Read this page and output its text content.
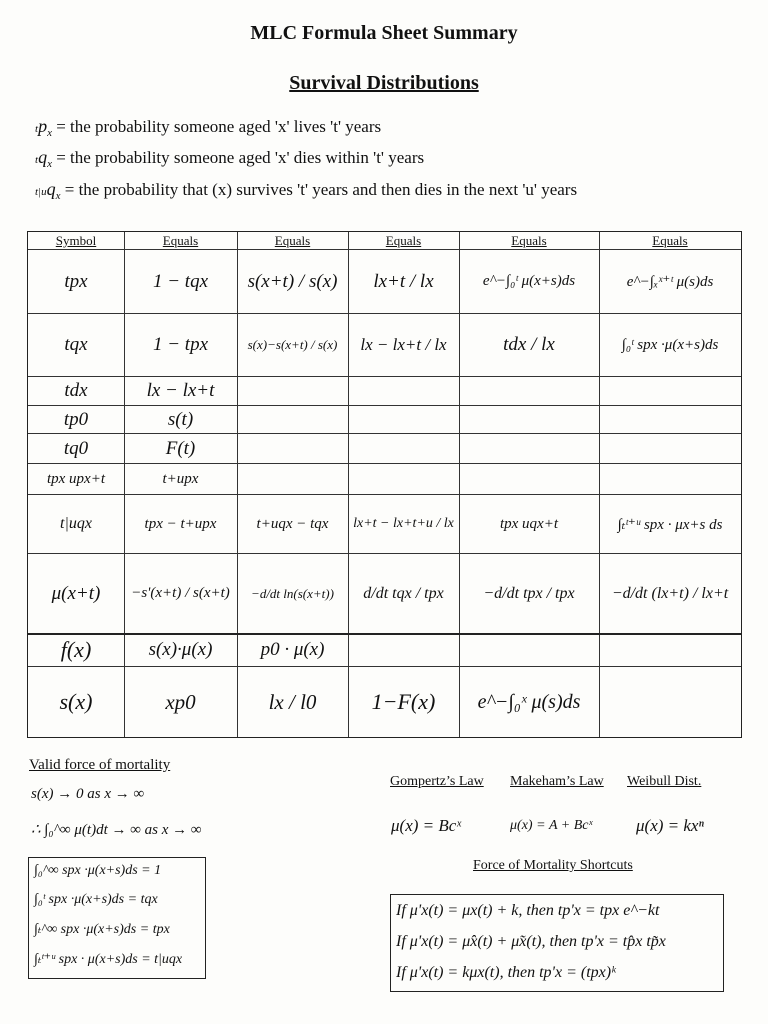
MLC Formula Sheet Summary
Survival Distributions
$tp_x$ = the probability someone aged 'x' lives 't' years
$tq_x$ = the probability someone aged 'x' dies within 't' years
$t|uq_x$ = the probability that (x) survives 't' years and then dies in the next 'u' years
Symbol	Equals	Equals	Equals	Equals	Equals
tpx	1 − tqx	s(x+t) / s(x)	lx+t / lx	e^−∫₀ᵗ μ(x+s)ds	e^−∫ₓˣ⁺ᵗ μ(s)ds
tqx	1 − tpx	s(x)−s(x+t) / s(x)	lx − lx+t / lx	tdx / lx	∫₀ᵗ spx ·μ(x+s)ds
tdx	lx − lx+t
tp0	s(t)
tq0	F(t)
tpx upx+t	t+upx
t|uqx	tpx − t+upx	t+uqx − tqx	lx+t − lx+t+u / lx	tpx uqx+t	∫ₜᵗ⁺ᵘ spx · μx+s ds
μ(x+t)	−s'(x+t) / s(x+t)	−d/dt ln(s(x+t))	d/dt tqx / tpx	−d/dt tpx / tpx	−d/dt (lx+t) / lx+t
f(x)	s(x)·μ(x)	p0 · μ(x)
s(x)	xp0	lx / l0	1−F(x)	e^−∫₀ˣ μ(s)ds
Valid force of mortality
s(x) → 0 as x → ∞
∴ ∫₀^∞ μ(t)dt → ∞ as x → ∞
∫₀^∞ spx ·μ(x+s)ds = 1
∫₀ᵗ spx ·μ(x+s)ds = tqx
∫ₜ^∞ spx ·μ(x+s)ds = tpx
∫ₜᵗ⁺ᵘ spx · μ(x+s)ds = t|uqx
Gompertz’s Law Makeham’s Law Weibull Dist.
μ(x) = Bcˣ	μ(x) = A + Bcˣ	μ(x) = kxⁿ
Force of Mortality Shortcuts
If μ'x(t) = μx(t) + k, then tp'x = tpx e^−kt
If μ'x(t) = μ̂x(t) + μ̃x(t), then tp'x = tp̂x tp̃x
If μ'x(t) = kμx(t), then tp'x = (tpx)ᵏ
